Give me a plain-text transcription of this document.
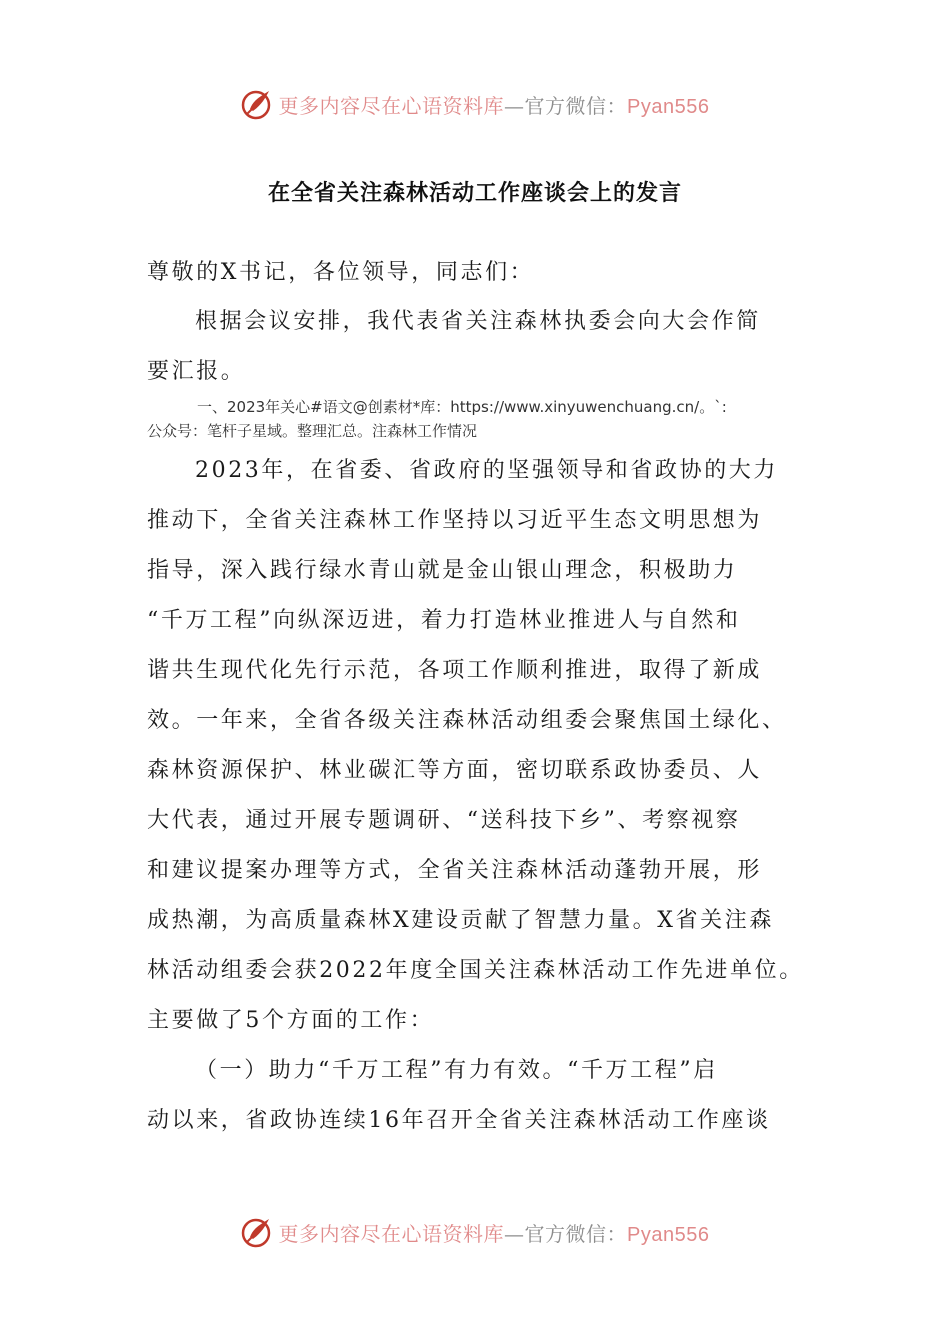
更多内容尽在心语资料库—官方微信：Pyan556
在全省关注森林活动工作座谈会上的发言
尊敬的X书记，各位领导，同志们：
根据会议安排，我代表省关注森林执委会向大会作简
要汇报。
一、2023年关心#语文@创素材*库：https://www.xinyuwenchuang.cn/。`:
公众号：笔杆子星域。整理汇总。注森林工作情况
2023年，在省委、省政府的坚强领导和省政协的大力
推动下，全省关注森林工作坚持以习近平生态文明思想为
指导，深入践行绿水青山就是金山银山理念，积极助力
“千万工程”向纵深迈进，着力打造林业推进人与自然和
谐共生现代化先行示范，各项工作顺利推进，取得了新成
效。一年来，全省各级关注森林活动组委会聚焦国土绿化、
森林资源保护、林业碳汇等方面，密切联系政协委员、人
大代表，通过开展专题调研、“送科技下乡”、考察视察
和建议提案办理等方式，全省关注森林活动蓬勃开展，形
成热潮，为高质量森林X建设贡献了智慧力量。X省关注森
林活动组委会获2022年度全国关注森林活动工作先进单位。
主要做了5个方面的工作：
（一）助力“千万工程”有力有效。“千万工程”启
动以来，省政协连续16年召开全省关注森林活动工作座谈
更多内容尽在心语资料库—官方微信：Pyan556
